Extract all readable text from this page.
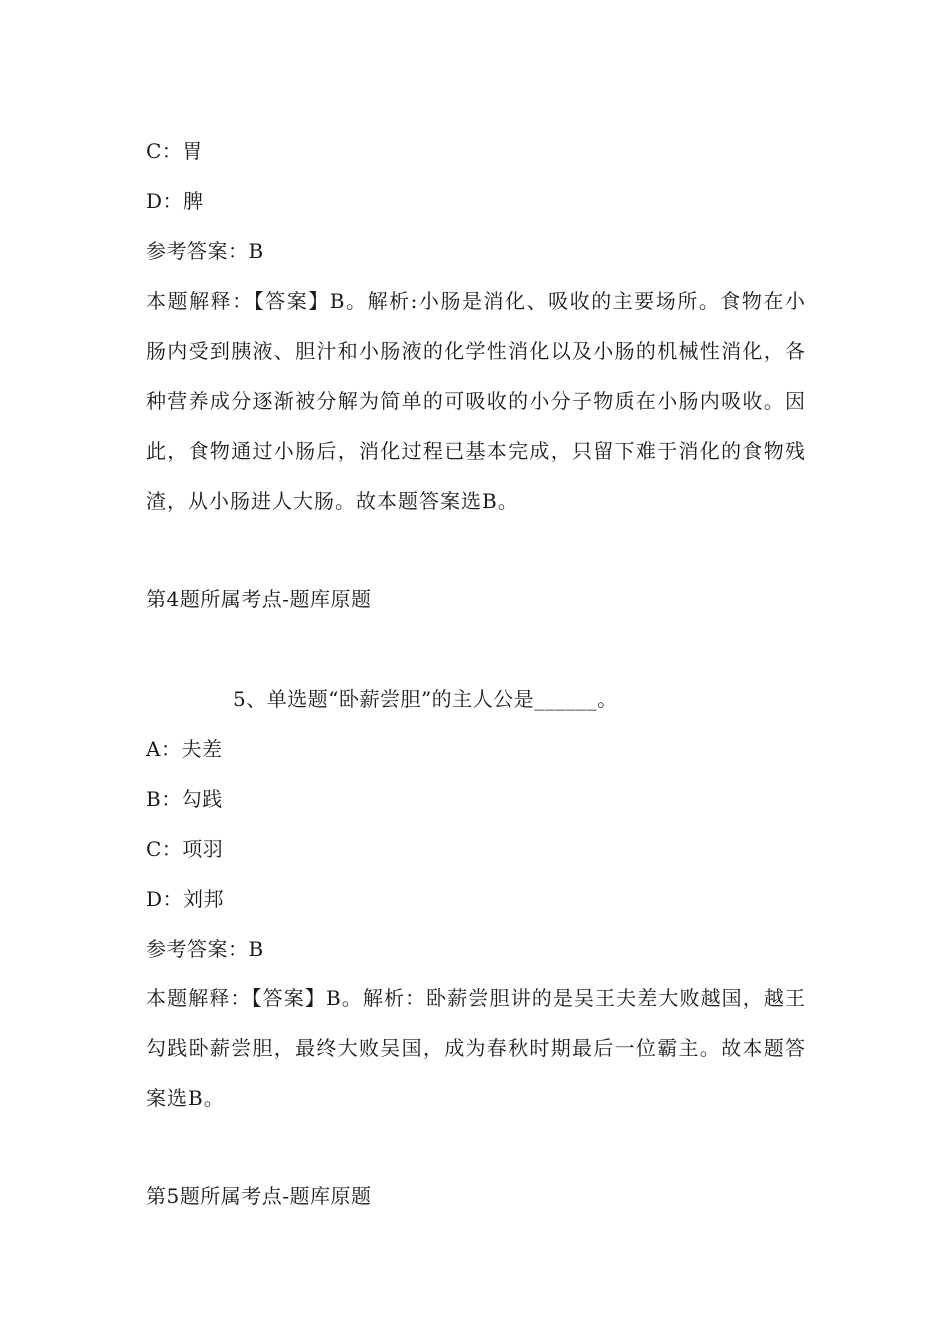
C：胃
D：脾
参考答案：B
本题解释：【答案】B。解析:小肠是消化、吸收的主要场所。食物在小肠内受到胰液、胆汁和小肠液的化学性消化以及小肠的机械性消化，各种营养成分逐渐被分解为简单的可吸收的小分子物质在小肠内吸收。因此，食物通过小肠后，消化过程已基本完成，只留下难于消化的食物残渣，从小肠进人大肠。故本题答案选B。
第4题所属考点-题库原题
5、单选题“卧薪尝胆”的主人公是______。
A：夫差
B：勾践
C：项羽
D：刘邦
参考答案：B
本题解释：【答案】B。解析：卧薪尝胆讲的是吴王夫差大败越国，越王勾践卧薪尝胆，最终大败吴国，成为春秋时期最后一位霸主。故本题答案选B。
第5题所属考点-题库原题
